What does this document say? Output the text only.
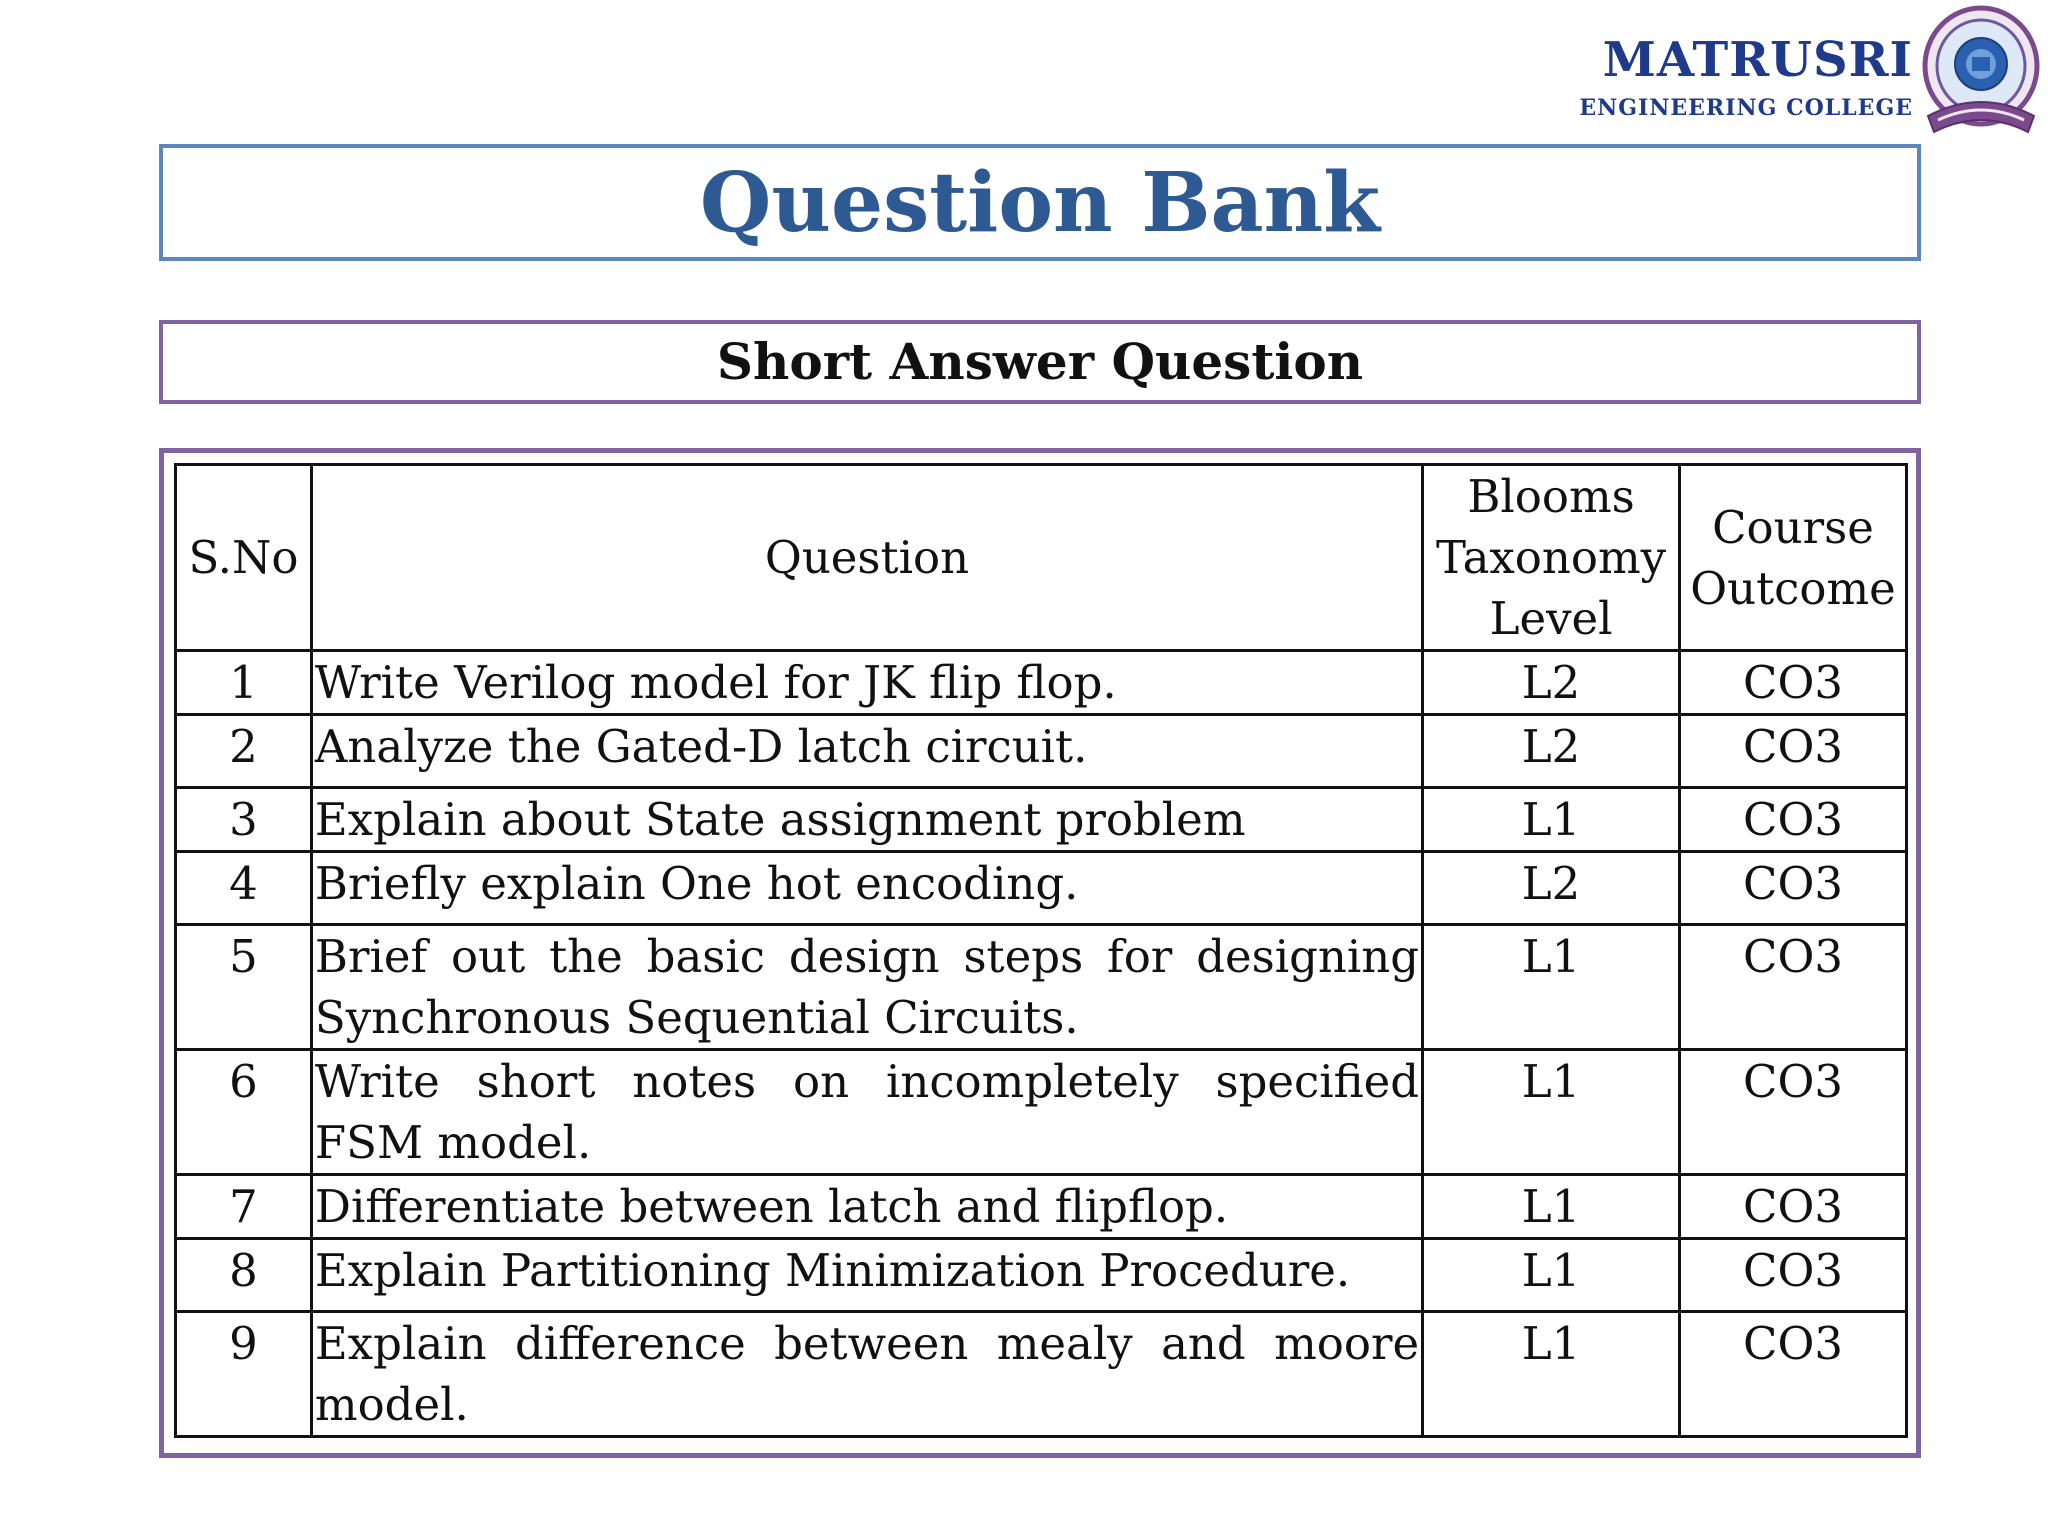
MATRUSRI
ENGINEERING COLLEGE
Question Bank
Short Answer Question
S.No	Question	Blooms Taxonomy Level	Course Outcome
1	Write Verilog model for JK flip flop.	L2	CO3
2	Analyze the Gated-D latch circuit.	L2	CO3
3	Explain about State assignment problem	L1	CO3
4	Briefly explain One hot encoding.	L2	CO3
5	Brief out the basic design steps for designing Synchronous Sequential Circuits.	L1	CO3
6	Write short notes on incompletely specified FSM model.	L1	CO3
7	Differentiate between latch and flipflop.	L1	CO3
8	Explain Partitioning Minimization Procedure.	L1	CO3
9	Explain difference between mealy and moore model.	L1	CO3
